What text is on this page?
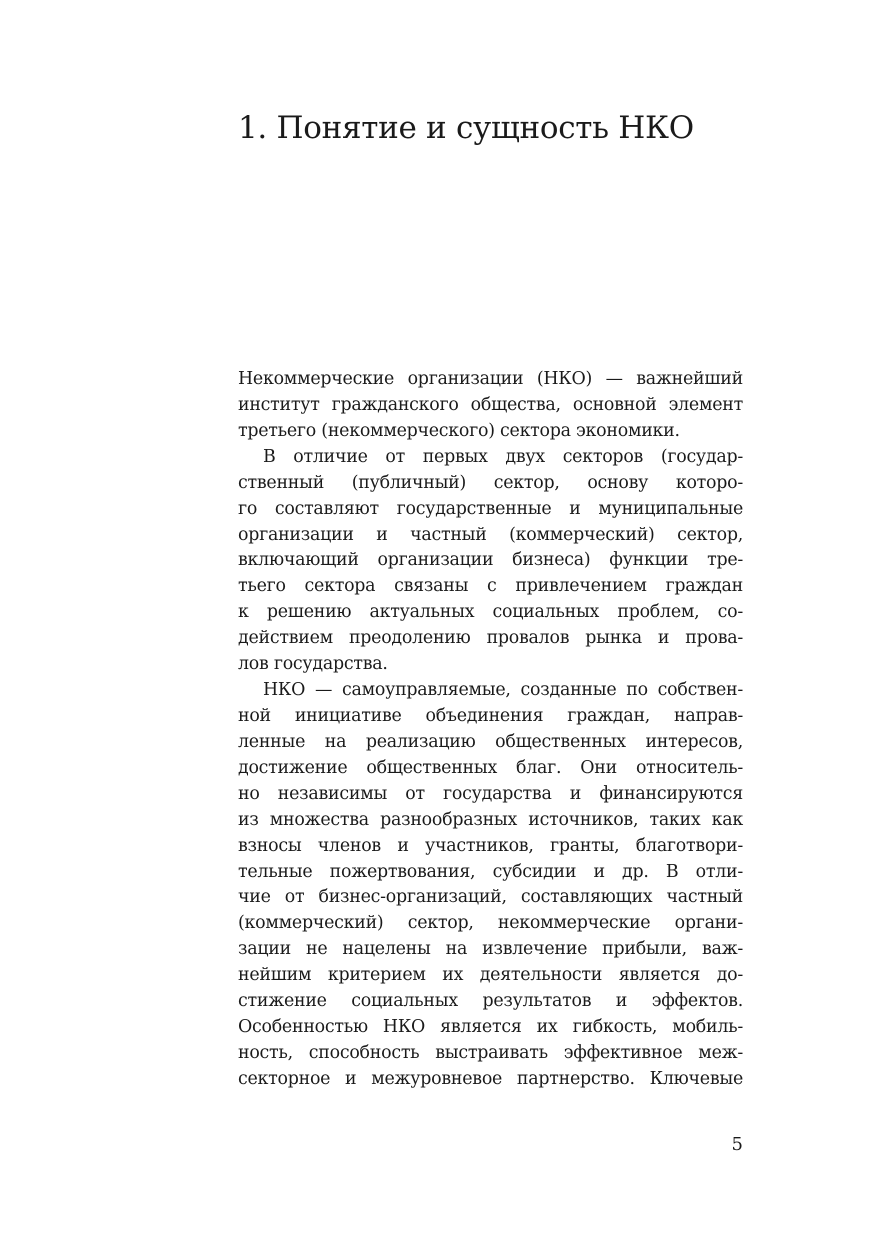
1. Понятие и сущность НКО
Некоммерческие организации (НКО) — важнейший
институт гражданского общества, основной элемент
третьего (некоммерческого) сектора экономики.
В отличие от первых двух секторов (государ-
ственный (публичный) сектор, основу которо-
го составляют государственные и муниципальные
организации и частный (коммерческий) сектор,
включающий организации бизнеса) функции тре-
тьего сектора связаны с привлечением граждан
к решению актуальных социальных проблем, со-
действием преодолению провалов рынка и прова-
лов государства.
НКО — самоуправляемые, созданные по собствен-
ной инициативе объединения граждан, направ-
ленные на реализацию общественных интересов,
достижение общественных благ. Они относитель-
но независимы от государства и финансируются
из множества разнообразных источников, таких как
взносы членов и участников, гранты, благотвори-
тельные пожертвования, субсидии и др. В отли-
чие от бизнес-организаций, составляющих частный
(коммерческий) сектор, некоммерческие органи-
зации не нацелены на извлечение прибыли, важ-
нейшим критерием их деятельности является до-
стижение социальных результатов и эффектов.
Особенностью НКО является их гибкость, мобиль-
ность, способность выстраивать эффективное меж-
секторное и межуровневое партнерство. Ключевые
5
